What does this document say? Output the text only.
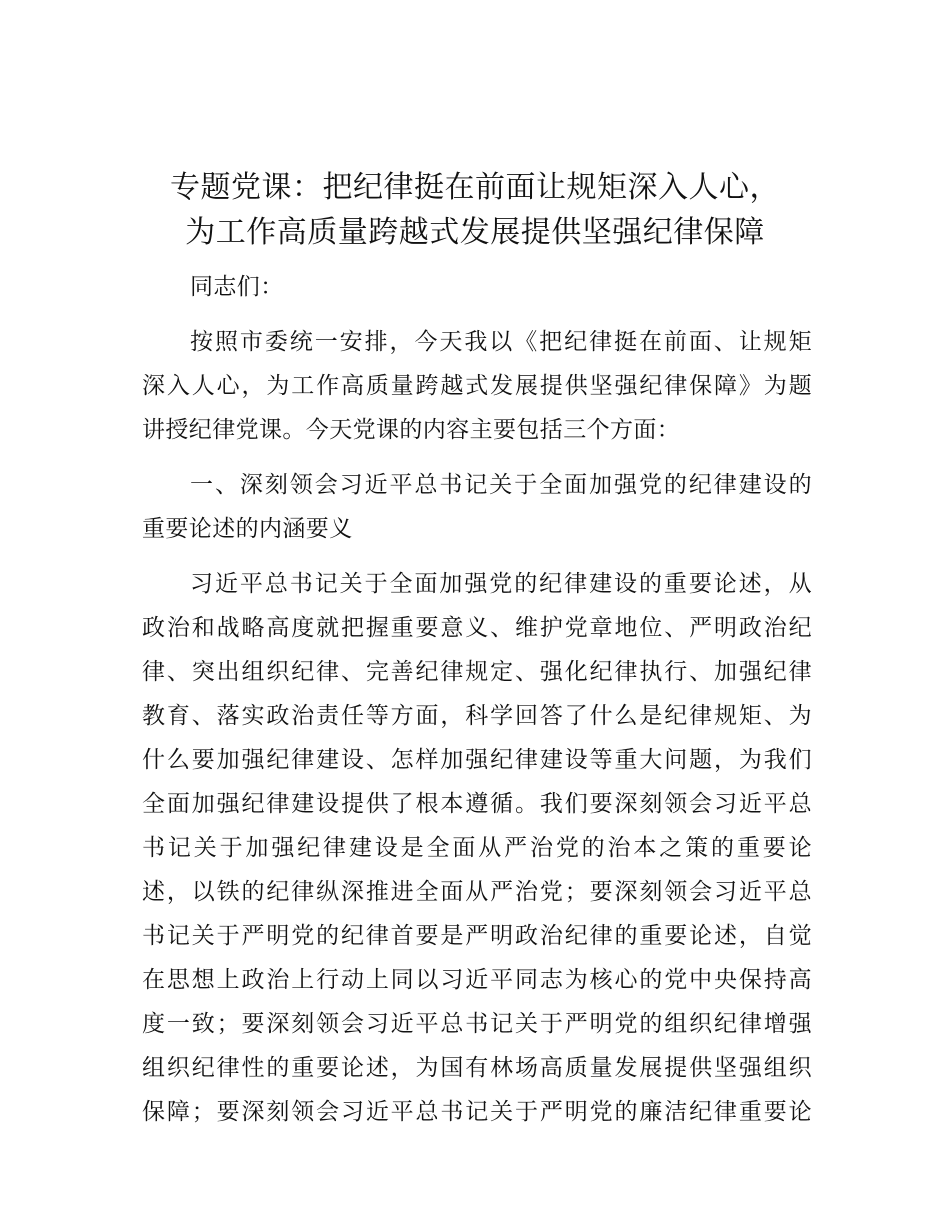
专题党课：把纪律挺在前面让规矩深入人心，
为工作高质量跨越式发展提供坚强纪律保障

同志们：

按照市委统一安排，今天我以《把纪律挺在前面、让规矩
深入人心，为工作高质量跨越式发展提供坚强纪律保障》为题
讲授纪律党课。今天党课的内容主要包括三个方面：

一、深刻领会习近平总书记关于全面加强党的纪律建设的
重要论述的内涵要义

习近平总书记关于全面加强党的纪律建设的重要论述，从
政治和战略高度就把握重要意义、维护党章地位、严明政治纪
律、突出组织纪律、完善纪律规定、强化纪律执行、加强纪律
教育、落实政治责任等方面，科学回答了什么是纪律规矩、为
什么要加强纪律建设、怎样加强纪律建设等重大问题，为我们
全面加强纪律建设提供了根本遵循。我们要深刻领会习近平总
书记关于加强纪律建设是全面从严治党的治本之策的重要论
述，以铁的纪律纵深推进全面从严治党；要深刻领会习近平总
书记关于严明党的纪律首要是严明政治纪律的重要论述，自觉
在思想上政治上行动上同以习近平同志为核心的党中央保持高
度一致；要深刻领会习近平总书记关于严明党的组织纪律增强
组织纪律性的重要论述，为国有林场高质量发展提供坚强组织
保障；要深刻领会习近平总书记关于严明党的廉洁纪律重要论
